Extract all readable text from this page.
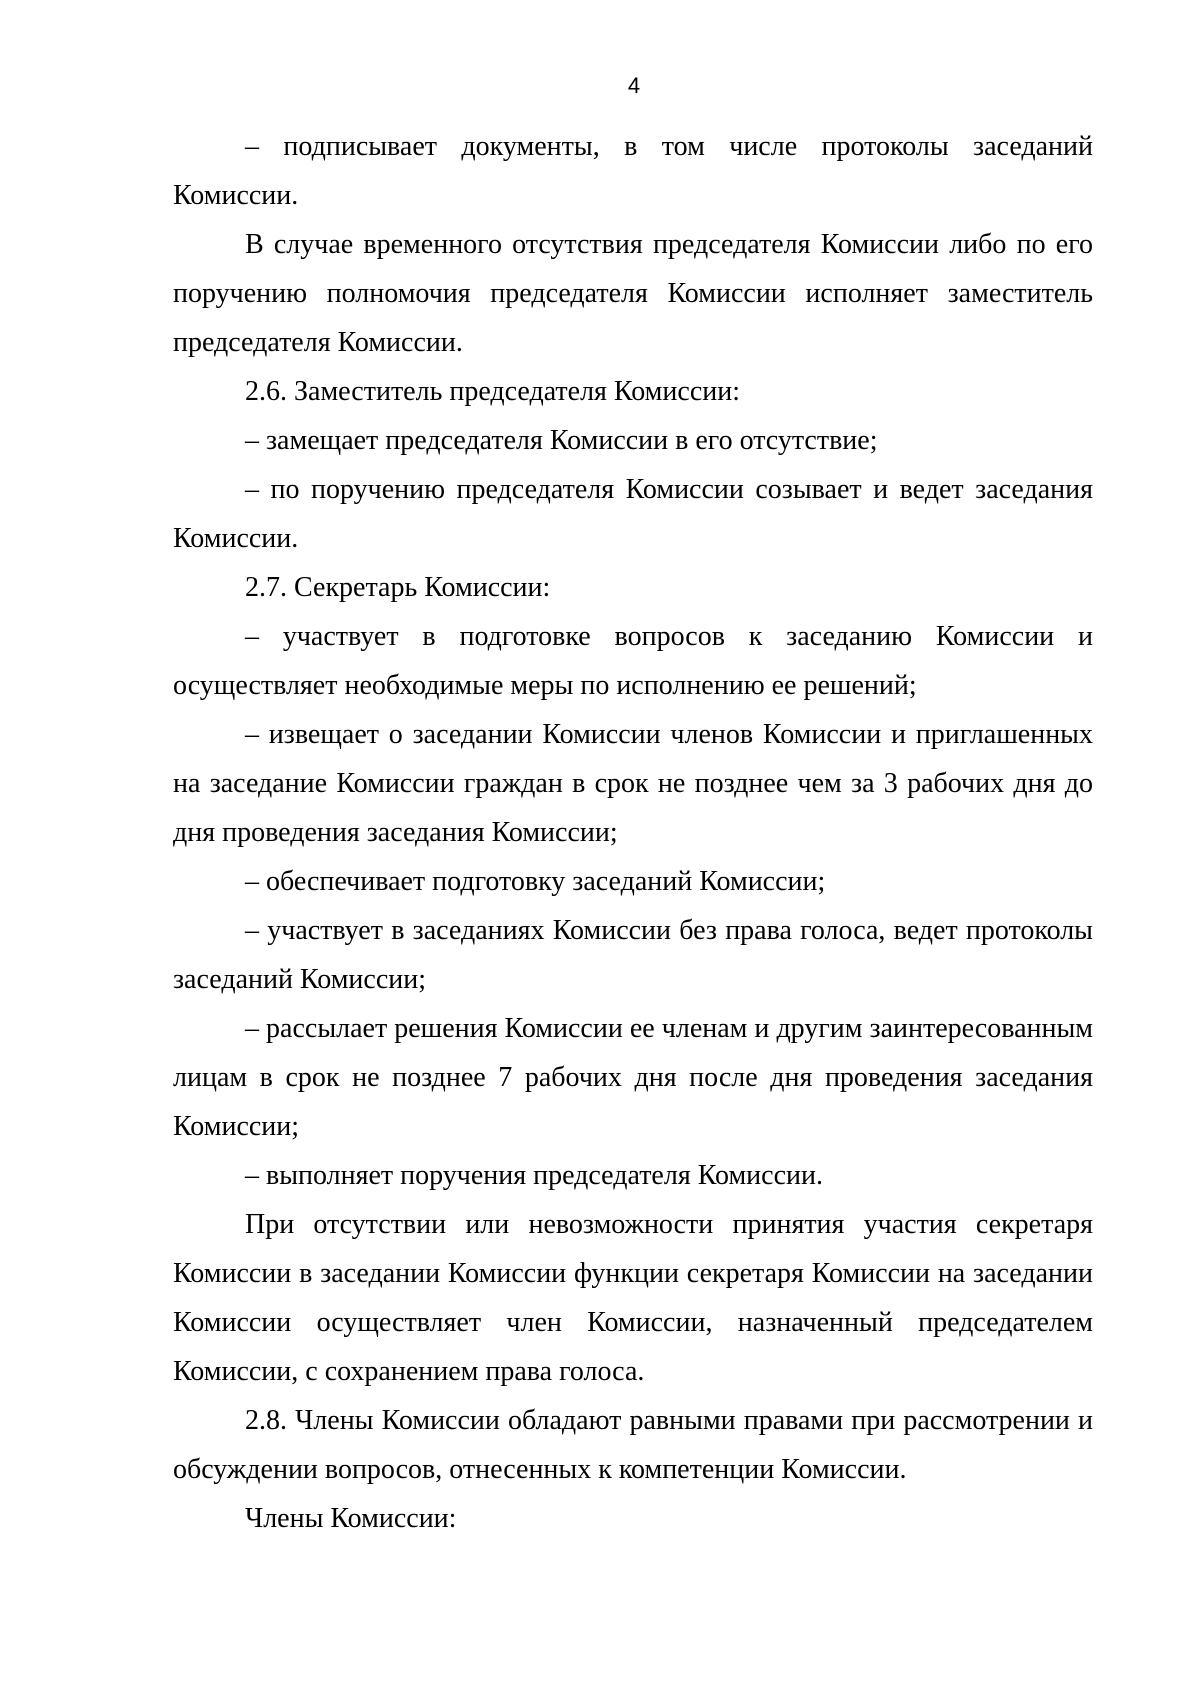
4

– подписывает документы, в том числе протоколы заседаний Комиссии.

В случае временного отсутствия председателя Комиссии либо по его поручению полномочия председателя Комиссии исполняет заместитель председателя Комиссии.

2.6. Заместитель председателя Комиссии:

– замещает председателя Комиссии в его отсутствие;

– по поручению председателя Комиссии созывает и ведет заседания Комиссии.

2.7. Секретарь Комиссии:

– участвует в подготовке вопросов к заседанию Комиссии и осуществляет необходимые меры по исполнению ее решений;

– извещает о заседании Комиссии членов Комиссии и приглашенных на заседание Комиссии граждан в срок не позднее чем за 3 рабочих дня до дня проведения заседания Комиссии;

– обеспечивает подготовку заседаний Комиссии;

– участвует в заседаниях Комиссии без права голоса, ведет протоколы заседаний Комиссии;

– рассылает решения Комиссии ее членам и другим заинтересованным лицам в срок не позднее 7 рабочих дня после дня проведения заседания Комиссии;

– выполняет поручения председателя Комиссии.

При отсутствии или невозможности принятия участия секретаря Комиссии в заседании Комиссии функции секретаря Комиссии на заседании Комиссии осуществляет член Комиссии, назначенный председателем Комиссии, с сохранением права голоса.

2.8. Члены Комиссии обладают равными правами при рассмотрении и обсуждении вопросов, отнесенных к компетенции Комиссии.

Члены Комиссии:
